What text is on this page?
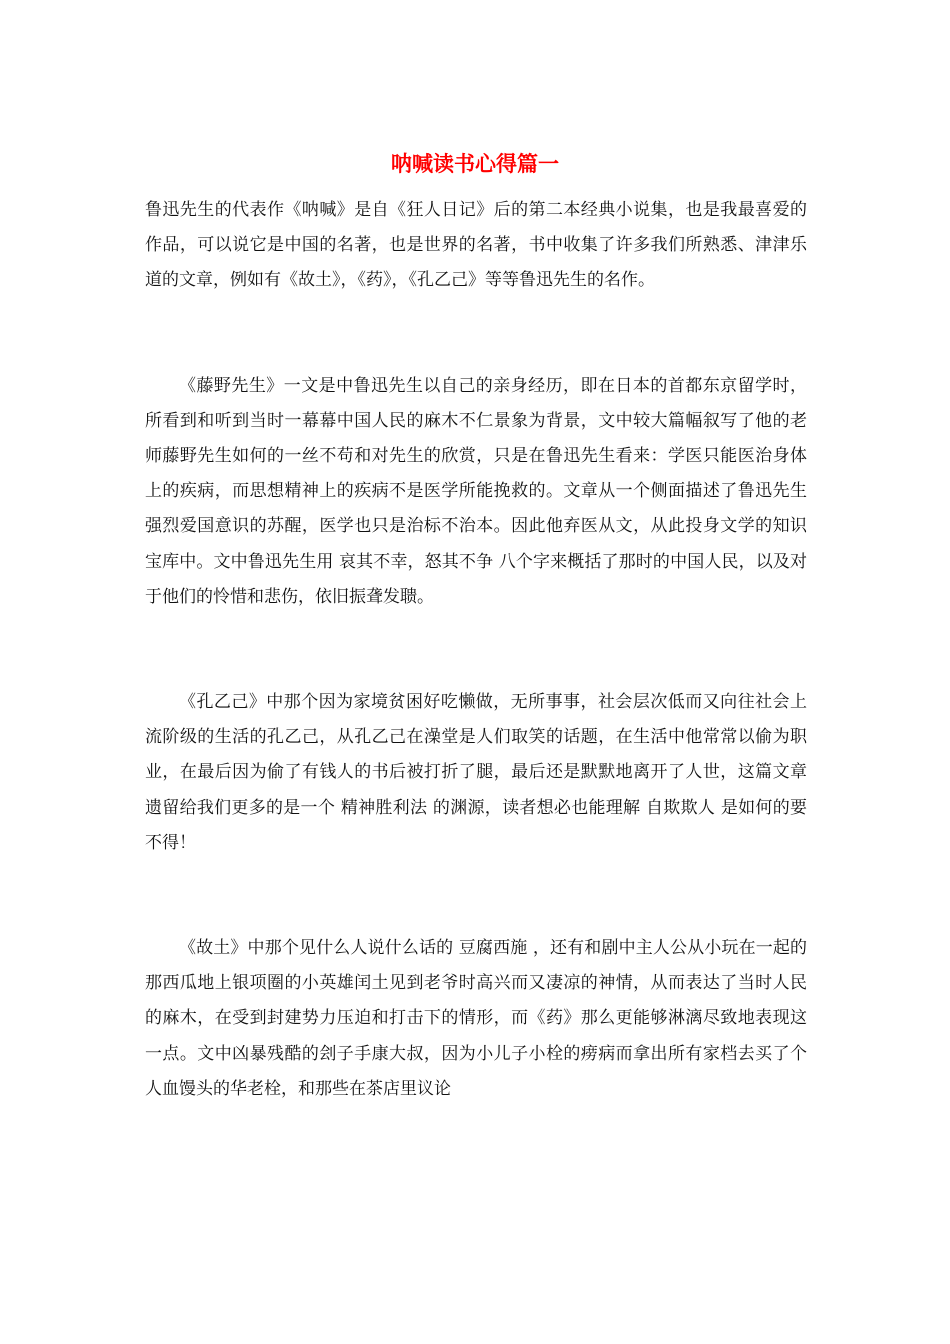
呐喊读书心得篇一

鲁迅先生的代表作《呐喊》是自《狂人日记》后的第二本经典小说集，也是我最喜爱的作品，可以说它是中国的名著，也是世界的名著，书中收集了许多我们所熟悉、津津乐道的文章，例如有《故土》，《药》，《孔乙己》等等鲁迅先生的名作。

《藤野先生》一文是中鲁迅先生以自己的亲身经历，即在日本的首都东京留学时，所看到和听到当时一幕幕中国人民的麻木不仁景象为背景，文中较大篇幅叙写了他的老师藤野先生如何的一丝不苟和对先生的欣赏，只是在鲁迅先生看来：学医只能医治身体上的疾病，而思想精神上的疾病不是医学所能挽救的。文章从一个侧面描述了鲁迅先生强烈爱国意识的苏醒，医学也只是治标不治本。因此他弃医从文，从此投身文学的知识宝库中。文中鲁迅先生用 哀其不幸，怒其不争 八个字来概括了那时的中国人民，以及对于他们的怜惜和悲伤，依旧振聋发聩。

《孔乙己》中那个因为家境贫困好吃懒做，无所事事，社会层次低而又向往社会上流阶级的生活的孔乙己，从孔乙己在澡堂是人们取笑的话题，在生活中他常常以偷为职业，在最后因为偷了有钱人的书后被打折了腿，最后还是默默地离开了人世，这篇文章遗留给我们更多的是一个 精神胜利法 的渊源，读者想必也能理解 自欺欺人 是如何的要不得！

《故土》中那个见什么人说什么话的 豆腐西施 ，还有和剧中主人公从小玩在一起的那西瓜地上银项圈的小英雄闰土见到老爷时高兴而又凄凉的神情，从而表达了当时人民的麻木，在受到封建势力压迫和打击下的情形，而《药》那么更能够淋漓尽致地表现这一点。文中凶暴残酷的刽子手康大叔，因为小儿子小栓的痨病而拿出所有家档去买了个人血馒头的华老栓，和那些在茶店里议论
